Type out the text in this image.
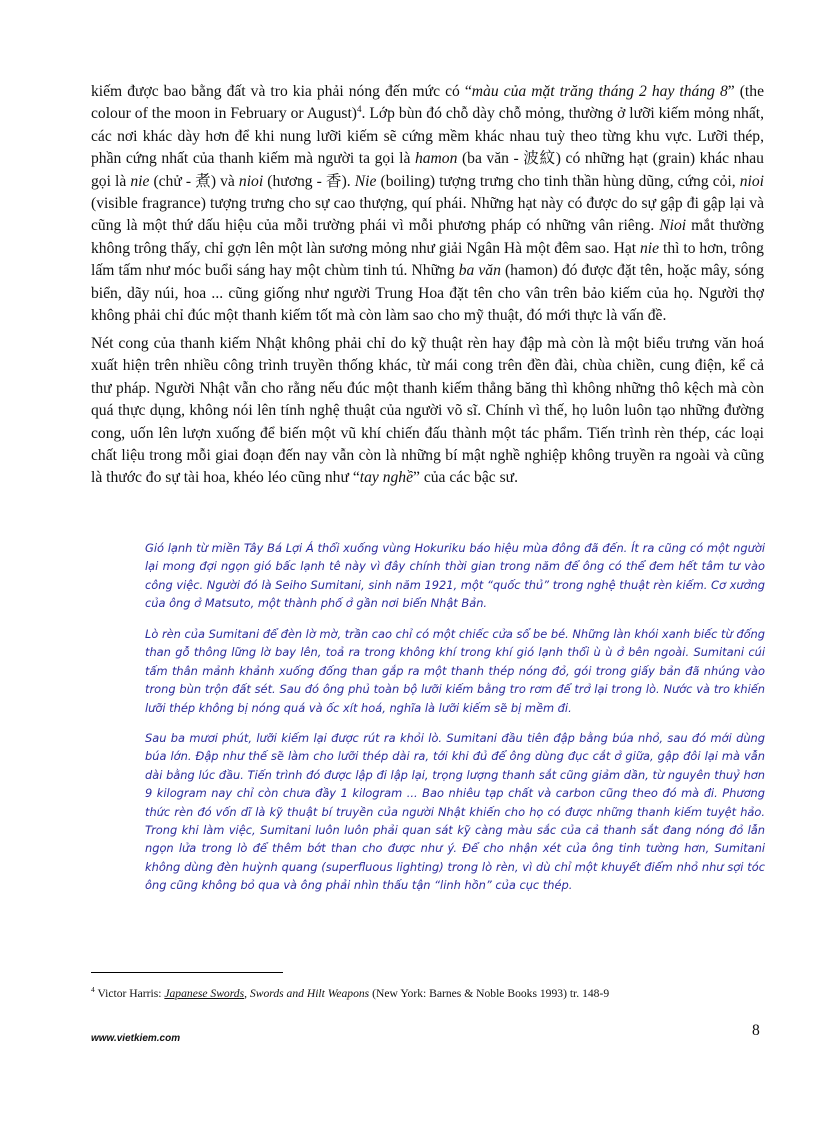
kiếm được bao bằng đất và tro kia phải nóng đến mức có “màu của mặt trăng tháng 2 hay tháng 8” (the colour of the moon in February or August)$^4$. Lớp bùn đó chỗ dày chỗ mỏng, thường ở lưỡi kiếm mỏng nhất, các nơi khác dày hơn để khi nung lưỡi kiếm sẽ cứng mềm khác nhau tuỳ theo từng khu vực. Lưỡi thép, phần cứng nhất của thanh kiếm mà người ta gọi là hamon (ba văn - 波紋) có những hạt (grain) khác nhau gọi là nie (chử - 煮) và nioi (hương - 香). Nie (boiling) tượng trưng cho tinh thần hùng dũng, cứng cỏi, nioi (visible fragrance) tượng trưng cho sự cao thượng, quí phái. Những hạt này có được do sự gập đi gập lại và cũng là một thứ dấu hiệu của mỗi trường phái vì mỗi phương pháp có những vân riêng. Nioi mắt thường không trông thấy, chỉ gợn lên một làn sương mỏng như giải Ngân Hà một đêm sao. Hạt nie thì to hơn, trông lấm tấm như móc buổi sáng hay một chùm tinh tú. Những ba văn (hamon) đó được đặt tên, hoặc mây, sóng biển, dãy núi, hoa ... cũng giống như người Trung Hoa đặt tên cho vân trên bảo kiếm của họ. Người thợ không phải chỉ đúc một thanh kiếm tốt mà còn làm sao cho mỹ thuật, đó mới thực là vấn đề.

Nét cong của thanh kiếm Nhật không phải chỉ do kỹ thuật rèn hay đập mà còn là một biểu trưng văn hoá xuất hiện trên nhiều công trình truyền thống khác, từ mái cong trên đền đài, chùa chiền, cung điện, kể cả thư pháp. Người Nhật vẫn cho rằng nếu đúc một thanh kiếm thẳng băng thì không những thô kệch mà còn quá thực dụng, không nói lên tính nghệ thuật của người võ sĩ. Chính vì thế, họ luôn luôn tạo những đường cong, uốn lên lượn xuống để biến một vũ khí chiến đấu thành một tác phẩm. Tiến trình rèn thép, các loại chất liệu trong mỗi giai đoạn đến nay vẫn còn là những bí mật nghề nghiệp không truyền ra ngoài và cũng là thước đo sự tài hoa, khéo léo cũng như “tay nghề” của các bậc sư.

Gió lạnh từ miền Tây Bá Lợi Á thổi xuống vùng Hokuriku báo hiệu mùa đông đã đến. Ít ra cũng có một người lại mong đợi ngọn gió bấc lạnh tê này vì đây chính thời gian trong năm để ông có thể đem hết tâm tư vào công việc. Người đó là Seiho Sumitani, sinh năm 1921, một “quốc thủ” trong nghệ thuật rèn kiếm. Cơ xưởng của ông ở Matsuto, một thành phố ở gần nơi biển Nhật Bản.

Lò rèn của Sumitani để đèn lờ mờ, trần cao chỉ có một chiếc cửa sổ be bé. Những làn khói xanh biếc từ đống than gỗ thông lững lờ bay lên, toả ra trong không khí trong khí gió lạnh thổi ù ù ở bên ngoài. Sumitani cúi tấm thân mảnh khảnh xuống đống than gắp ra một thanh thép nóng đỏ, gói trong giấy bản đã nhúng vào trong bùn trộn đất sét. Sau đó ông phủ toàn bộ lưỡi kiếm bằng tro rơm để trở lại trong lò. Nước và tro khiến lưỡi thép không bị nóng quá và ốc xít hoá, nghĩa là lưỡi kiếm sẽ bị mềm đi.

Sau ba mươi phút, lưỡi kiếm lại được rút ra khỏi lò. Sumitani đầu tiên đập bằng búa nhỏ, sau đó mới dùng búa lớn. Đập như thế sẽ làm cho lưỡi thép dài ra, tới khi đủ để ông dùng đục cắt ở giữa, gập đôi lại mà vẫn dài bằng lúc đầu. Tiến trình đó được lập đi lập lại, trọng lượng thanh sắt cũng giảm dần, từ nguyên thuỷ hơn 9 kilogram nay chỉ còn chưa đầy 1 kilogram ... Bao nhiêu tạp chất và carbon cũng theo đó mà đi. Phương thức rèn đó vốn dĩ là kỹ thuật bí truyền của người Nhật khiến cho họ có được những thanh kiếm tuyệt hảo. Trong khi làm việc, Sumitani luôn luôn phải quan sát kỹ càng màu sắc của cả thanh sắt đang nóng đỏ lẫn ngọn lửa trong lò để thêm bớt than cho được như ý. Để cho nhận xét của ông tinh tường hơn, Sumitani không dùng đèn huỳnh quang (superfluous lighting) trong lò rèn, vì dù chỉ một khuyết điểm nhỏ như sợi tóc ông cũng không bỏ qua và ông phải nhìn thấu tận “linh hồn” của cục thép.

$^4$ Victor Harris: Japanese Swords, Swords and Hilt Weapons (New York: Barnes & Noble Books 1993) tr. 148-9
www.vietkiem.com	8
